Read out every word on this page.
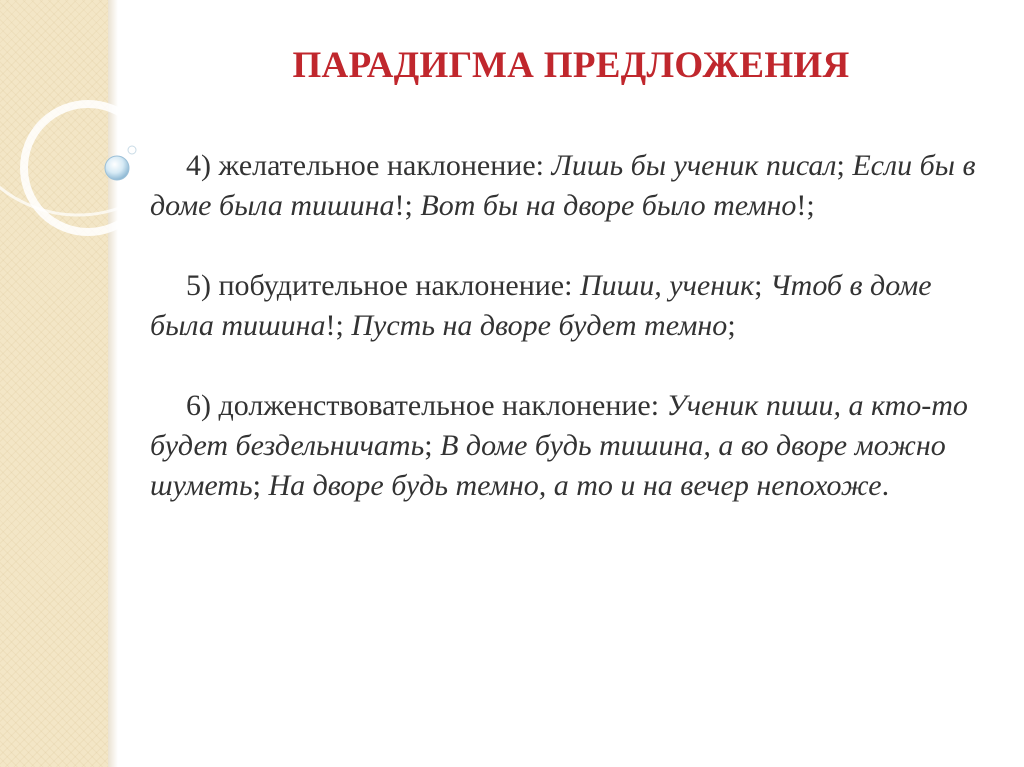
ПАРАДИГМА ПРЕДЛОЖЕНИЯ

4) желательное наклонение: Лишь бы ученик писал; Если бы в доме была тишина!; Вот бы на дворе было темно!;

5) побудительное наклонение: Пиши, ученик; Чтоб в доме была тишина!; Пусть на дворе будет темно;

6) долженствовательное наклонение: Ученик пиши, а кто-то будет бездельничать; В доме будь тишина, а во дворе можно шуметь; На дворе будь темно, а то и на вечер непохоже.
